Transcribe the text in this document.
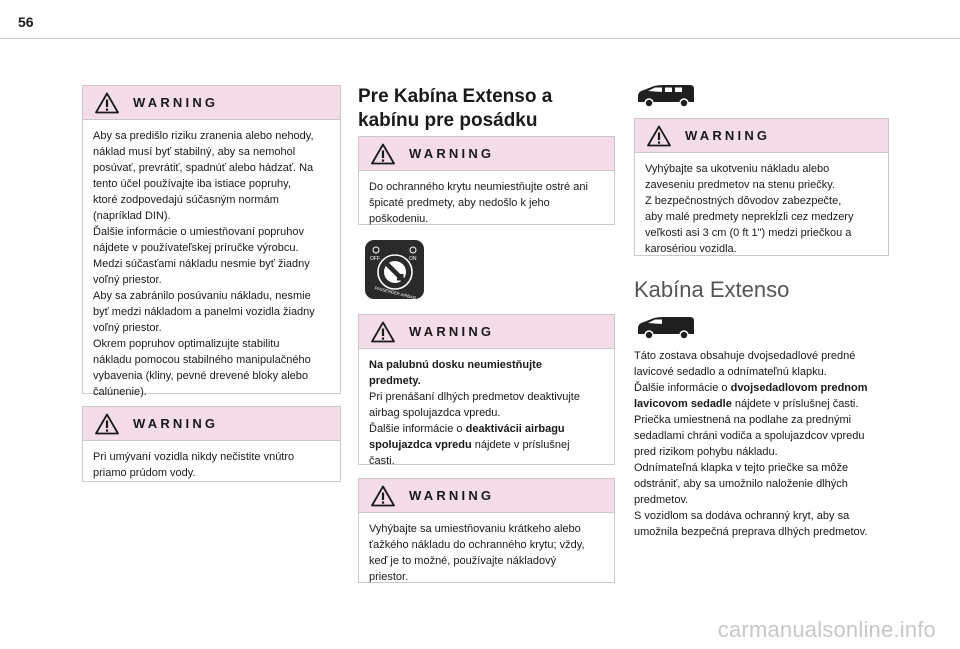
56
WARNING

Aby sa predišlo riziku zranenia alebo nehody,

náklad musí byť stabilný, aby sa nemohol

posúvať, prevrátiť, spadnúť alebo hádzať. Na

tento účel používajte iba istiace popruhy,

ktoré zodpovedajú súčasným normám

(napríklad DIN).

Ďalšie informácie o umiestňovaní popruhov

nájdete v používateľskej príručke výrobcu.

Medzi súčasťami nákladu nesmie byť žiadny

voľný priestor.

Aby sa zabránilo posúvaniu nákladu, nesmie

byť medzi nákladom a panelmi vozidla žiadny

voľný priestor.

Okrem popruhov optimalizujte stabilitu

nákladu pomocou stabilného manipulačného

vybavenia (kliny, pevné drevené bloky alebo

čalúnenie).

WARNING

Pri umývaní vozidla nikdy nečistite vnútro

priamo prúdom vody.

Pre Kabína Extenso a
kabínu pre posádku
WARNING

Do ochranného krytu neumiestňujte ostré ani

špicaté predmety, aby nedošlo k jeho

poškodeniu.

OFF	ON
PASSENGER AIRBAG
WARNING

Na palubnú dosku neumiestňujte

predmety.

Pri prenášaní dlhých predmetov deaktivujte

airbag spolujazdca vpredu.

Ďalšie informácie o deaktivácii airbagu

spolujazdca vpredu nájdete v príslušnej

časti.

WARNING

Vyhýbajte sa umiestňovaniu krátkeho alebo

ťažkého nákladu do ochranného krytu; vždy,

keď je to možné, používajte nákladový

priestor.

WARNING

Vyhýbajte sa ukotveniu nákladu alebo

zaveseniu predmetov na stenu priečky.

Z bezpečnostných dôvodov zabezpečte,

aby malé predmety neprekĺzli cez medzery

veľkosti asi 3 cm (0 ft 1") medzi priečkou a

karosériou vozidla.

Kabína Extenso

Táto zostava obsahuje dvojsedadlové predné

lavicové sedadlo a odnímateľnú klapku.

Ďalšie informácie o dvojsedadlovom prednom

lavicovom sedadle nájdete v príslušnej časti.

Priečka umiestnená na podlahe za prednými

sedadlami chráni vodiča a spolujazdcov vpredu

pred rizikom pohybu nákladu.

Odnímateľná klapka v tejto priečke sa môže

odstrániť, aby sa umožnilo naloženie dlhých

predmetov.

S vozidlom sa dodáva ochranný kryt, aby sa

umožnila bezpečná preprava dlhých predmetov.

carmanualsonline.info
